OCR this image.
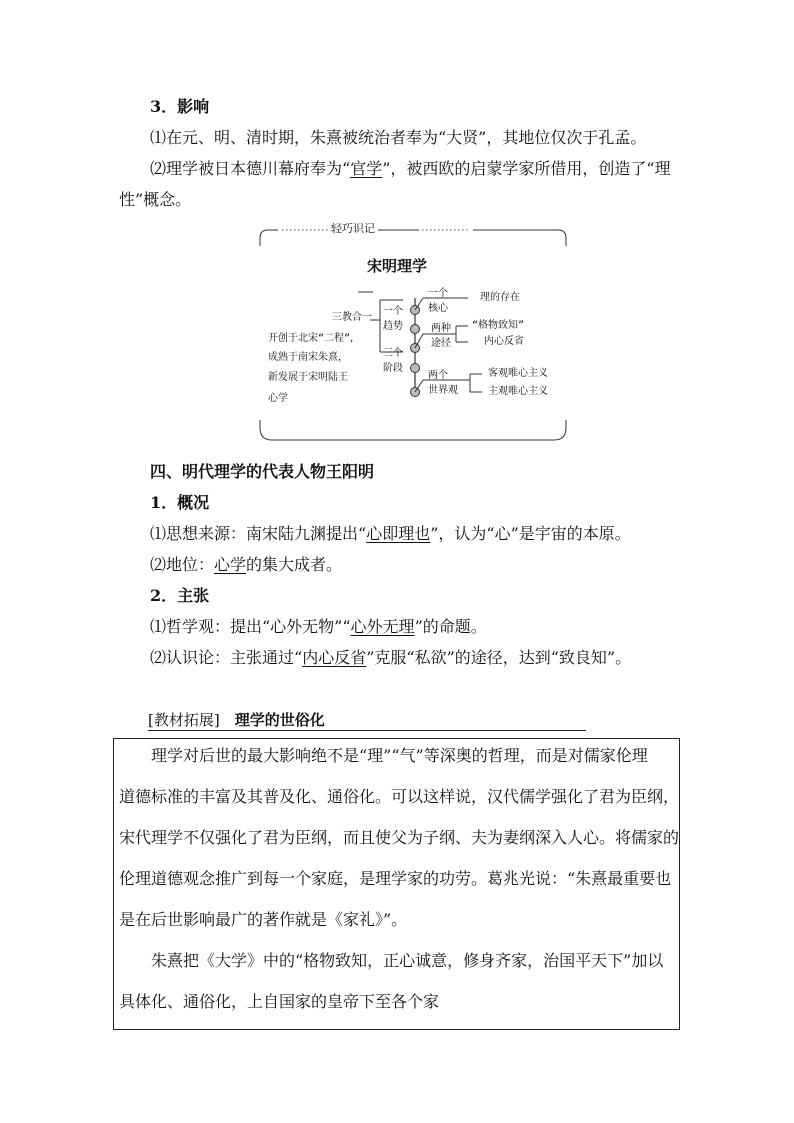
3．影响
⑴在元、明、清时期，朱熹被统治者奉为“大贤”，其地位仅次于孔孟。
⑵理学被日本德川幕府奉为“官学”，被西欧的启蒙学家所借用，创造了“理
性”概念。
轻巧识记
宋明理学
三教合一
开创于北宋“二程”，
成熟于南宋朱熹，
新发展于宋明陆王
心学
一个
趋势
三个
阶段
一个
核心
两种
途径
两个
世界观
理的存在
“格物致知”
内心反省
客观唯心主义
主观唯心主义
四、明代理学的代表人物王阳明
1．概况
⑴思想来源：南宋陆九渊提出“心即理也”，认为“心”是宇宙的本原。
⑵地位：心学的集大成者。
2．主张
⑴哲学观：提出“心外无物”“心外无理”的命题。
⑵认识论：主张通过“内心反省”克服“私欲”的途径，达到“致良知”。
[教材拓展]　 理学的世俗化
　　理学对后世的最大影响绝不是“理”“气”等深奥的哲理，而是对儒家伦理
道德标准的丰富及其普及化、通俗化。可以这样说，汉代儒学强化了君为臣纲，
宋代理学不仅强化了君为臣纲，而且使父为子纲、夫为妻纲深入人心。将儒家的
伦理道德观念推广到每一个家庭，是理学家的功劳。葛兆光说：“朱熹最重要也
是在后世影响最广的著作就是《家礼》”。
　　朱熹把《大学》中的“格物致知，正心诚意，修身齐家，治国平天下”加以
具体化、通俗化，上自国家的皇帝下至各个家
